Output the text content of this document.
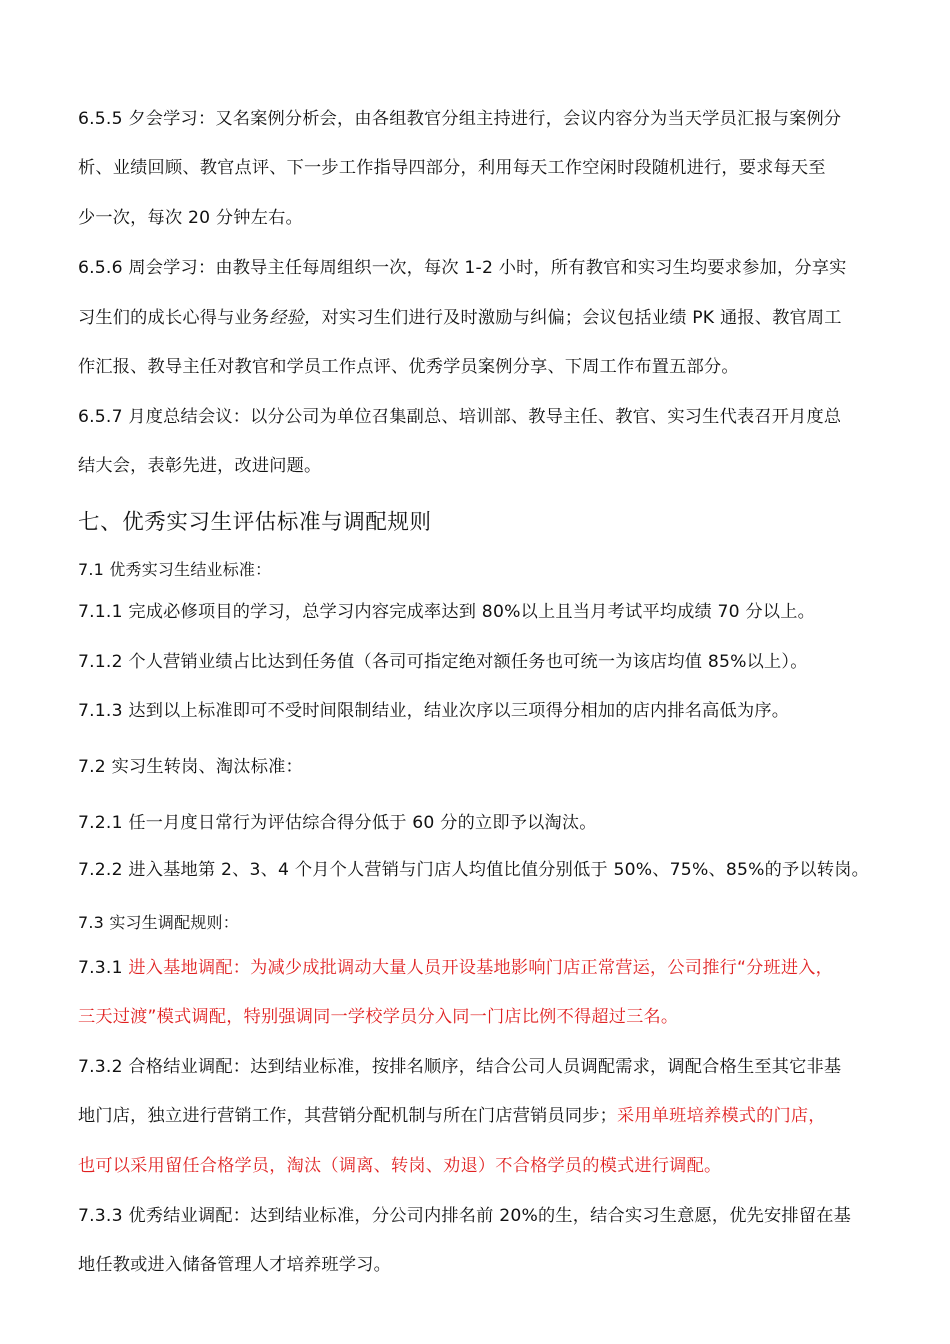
6.5.5 夕会学习：又名案例分析会，由各组教官分组主持进行，会议内容分为当天学员汇报与案例分
析、业绩回顾、教官点评、下一步工作指导四部分，利用每天工作空闲时段随机进行，要求每天至
少一次，每次 20 分钟左右。
6.5.6 周会学习：由教导主任每周组织一次，每次 1-2 小时，所有教官和实习生均要求参加，分享实
习生们的成长心得与业务经验，对实习生们进行及时激励与纠偏；会议包括业绩 PK 通报、教官周工
作汇报、教导主任对教官和学员工作点评、优秀学员案例分享、下周工作布置五部分。
6.5.7 月度总结会议：以分公司为单位召集副总、培训部、教导主任、教官、实习生代表召开月度总
结大会，表彰先进，改进问题。
七、优秀实习生评估标准与调配规则
7.1 优秀实习生结业标准：
7.1.1 完成必修项目的学习，总学习内容完成率达到 80%以上且当月考试平均成绩 70 分以上。
7.1.2 个人营销业绩占比达到任务值（各司可指定绝对额任务也可统一为该店均值 85%以上）。
7.1.3 达到以上标准即可不受时间限制结业，结业次序以三项得分相加的店内排名高低为序。
7.2 实习生转岗、淘汰标准：
7.2.1 任一月度日常行为评估综合得分低于 60 分的立即予以淘汰。
7.2.2 进入基地第 2、3、4 个月个人营销与门店人均值比值分别低于 50%、75%、85%的予以转岗。
7.3 实习生调配规则：
7.3.1 进入基地调配：为减少成批调动大量人员开设基地影响门店正常营运，公司推行“分班进入，
三天过渡”模式调配，特别强调同一学校学员分入同一门店比例不得超过三名。
7.3.2 合格结业调配：达到结业标准，按排名顺序，结合公司人员调配需求，调配合格生至其它非基
地门店，独立进行营销工作，其营销分配机制与所在门店营销员同步；采用单班培养模式的门店，
也可以采用留任合格学员，淘汰（调离、转岗、劝退）不合格学员的模式进行调配。
7.3.3 优秀结业调配：达到结业标准，分公司内排名前 20%的生，结合实习生意愿，优先安排留在基
地任教或进入储备管理人才培养班学习。
